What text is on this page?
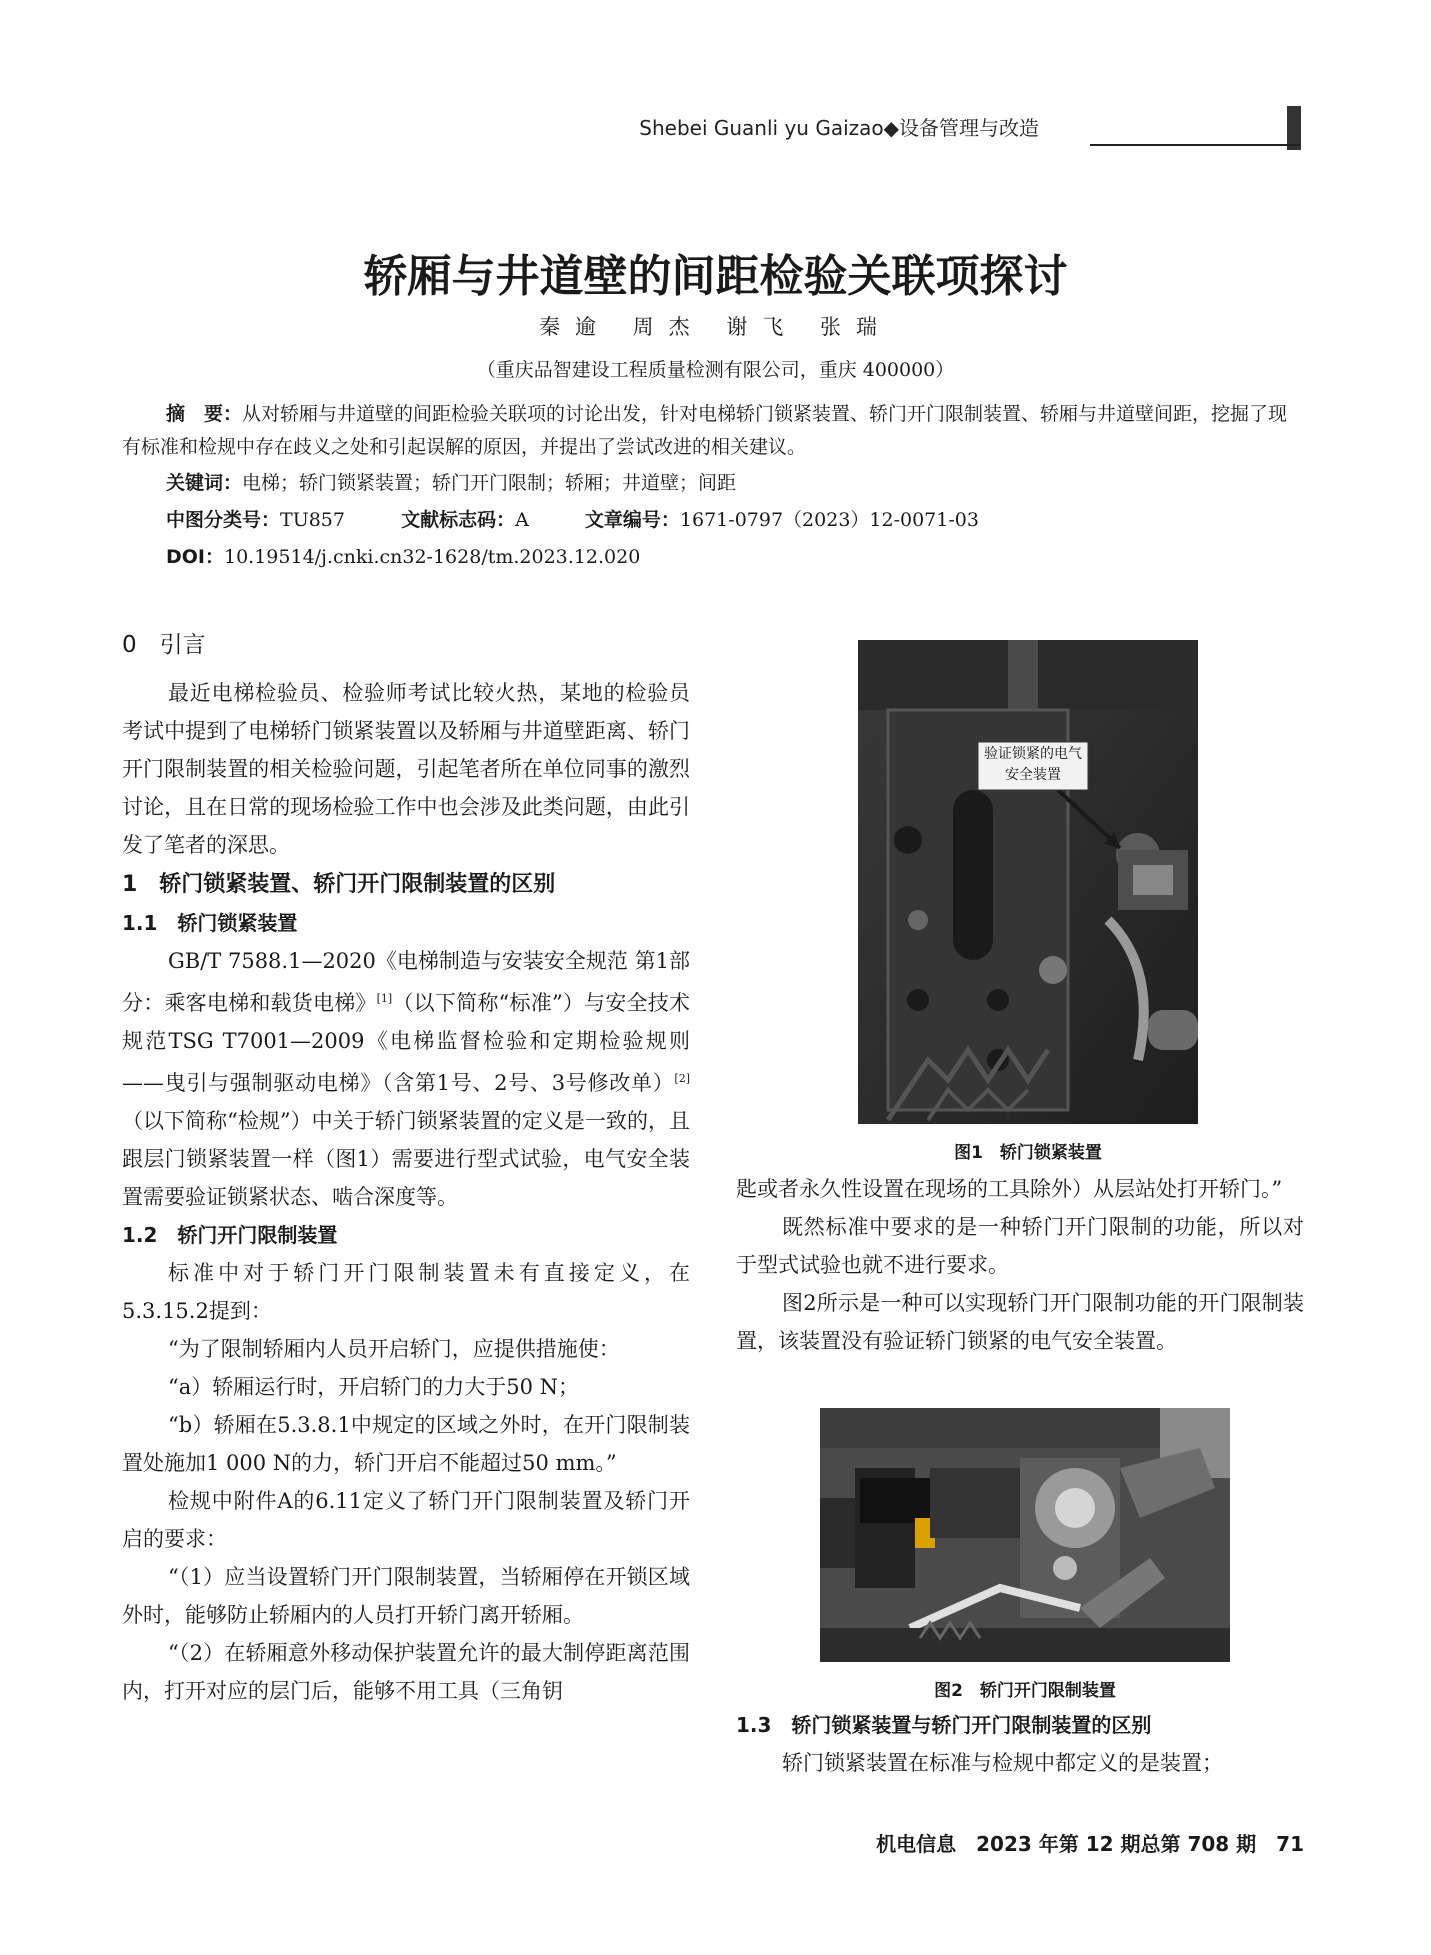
Shebei Guanli yu Gaizao◆设备管理与改造
轿厢与井道壁的间距检验关联项探讨
秦逾 周杰 谢飞 张瑞
（重庆品智建设工程质量检测有限公司，重庆 400000）

摘　要：从对轿厢与井道壁的间距检验关联项的讨论出发，针对电梯轿门锁紧装置、轿门开门限制装置、轿厢与井道壁间距，挖掘了现有标准和检规中存在歧义之处和引起误解的原因，并提出了尝试改进的相关建议。

关键词：电梯；轿门锁紧装置；轿门开门限制；轿厢；井道壁；间距
中图分类号：TU857	文献标志码：A	文章编号：1671-0797（2023）12-0071-03
DOI：10.19514/j.cnki.cn32-1628/tm.2023.12.020

0　引言

最近电梯检验员、检验师考试比较火热，某地的检验员考试中提到了电梯轿门锁紧装置以及轿厢与井道壁距离、轿门开门限制装置的相关检验问题，引起笔者所在单位同事的激烈讨论，且在日常的现场检验工作中也会涉及此类问题，由此引发了笔者的深思。

1　轿门锁紧装置、轿门开门限制装置的区别

1.1　轿门锁紧装置

GB/T 7588.1—2020《电梯制造与安装安全规范 第1部分：乘客电梯和载货电梯》[1]（以下简称“标准”）与安全技术规范TSG T7001—2009《电梯监督检验和定期检验规则——曳引与强制驱动电梯》（含第1号、2号、3号修改单）[2]（以下简称“检规”）中关于轿门锁紧装置的定义是一致的，且跟层门锁紧装置一样（图1）需要进行型式试验，电气安全装置需要验证锁紧状态、啮合深度等。

1.2　轿门开门限制装置

标准中对于轿门开门限制装置未有直接定义，在5.3.15.2提到：

“为了限制轿厢内人员开启轿门，应提供措施使：

“a）轿厢运行时，开启轿门的力大于50 N；

“b）轿厢在5.3.8.1中规定的区域之外时，在开门限制装置处施加1 000 N的力，轿门开启不能超过50 mm。”

检规中附件A的6.11定义了轿门开门限制装置及轿门开启的要求：

“（1）应当设置轿门开门限制装置，当轿厢停在开锁区域外时，能够防止轿厢内的人员打开轿门离开轿厢。

“（2）在轿厢意外移动保护装置允许的最大制停距离范围内，打开对应的层门后，能够不用工具（三角钥

验证锁紧的电气安全装置
图1　轿门锁紧装置

匙或者永久性设置在现场的工具除外）从层站处打开轿门。”

既然标准中要求的是一种轿门开门限制的功能，所以对于型式试验也就不进行要求。

图2所示是一种可以实现轿门开门限制功能的开门限制装置，该装置没有验证轿门锁紧的电气安全装置。

图2　轿门开门限制装置

1.3　轿门锁紧装置与轿门开门限制装置的区别

轿门锁紧装置在标准与检规中都定义的是装置；

机电信息　2023 年第 12 期总第 708 期　71
